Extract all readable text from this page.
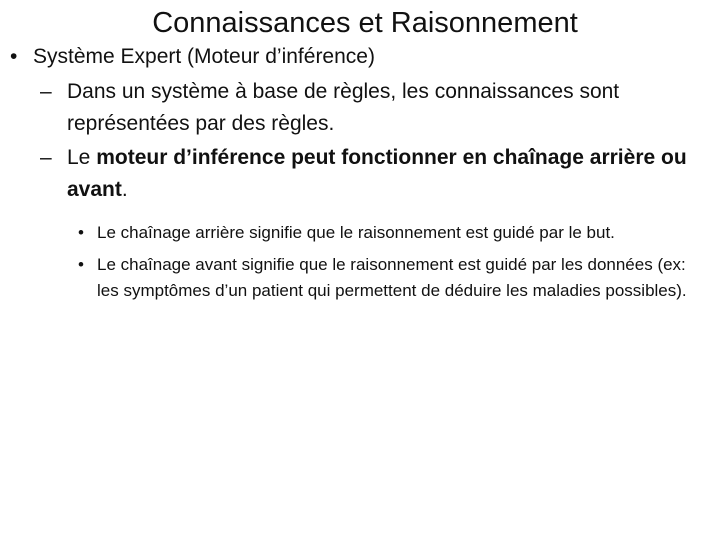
Connaissances et Raisonnement
• Système Expert (Moteur d’inférence)
– Dans un système à base de règles, les connaissances sont représentées par des règles.
– Le moteur d’inférence peut fonctionner en chaînage arrière ou avant.
• Le chaînage arrière signifie que le raisonnement est guidé par le but.
• Le chaînage avant signifie que le raisonnement est guidé par les données (ex: les symptômes d’un patient qui permettent de déduire les maladies possibles).
